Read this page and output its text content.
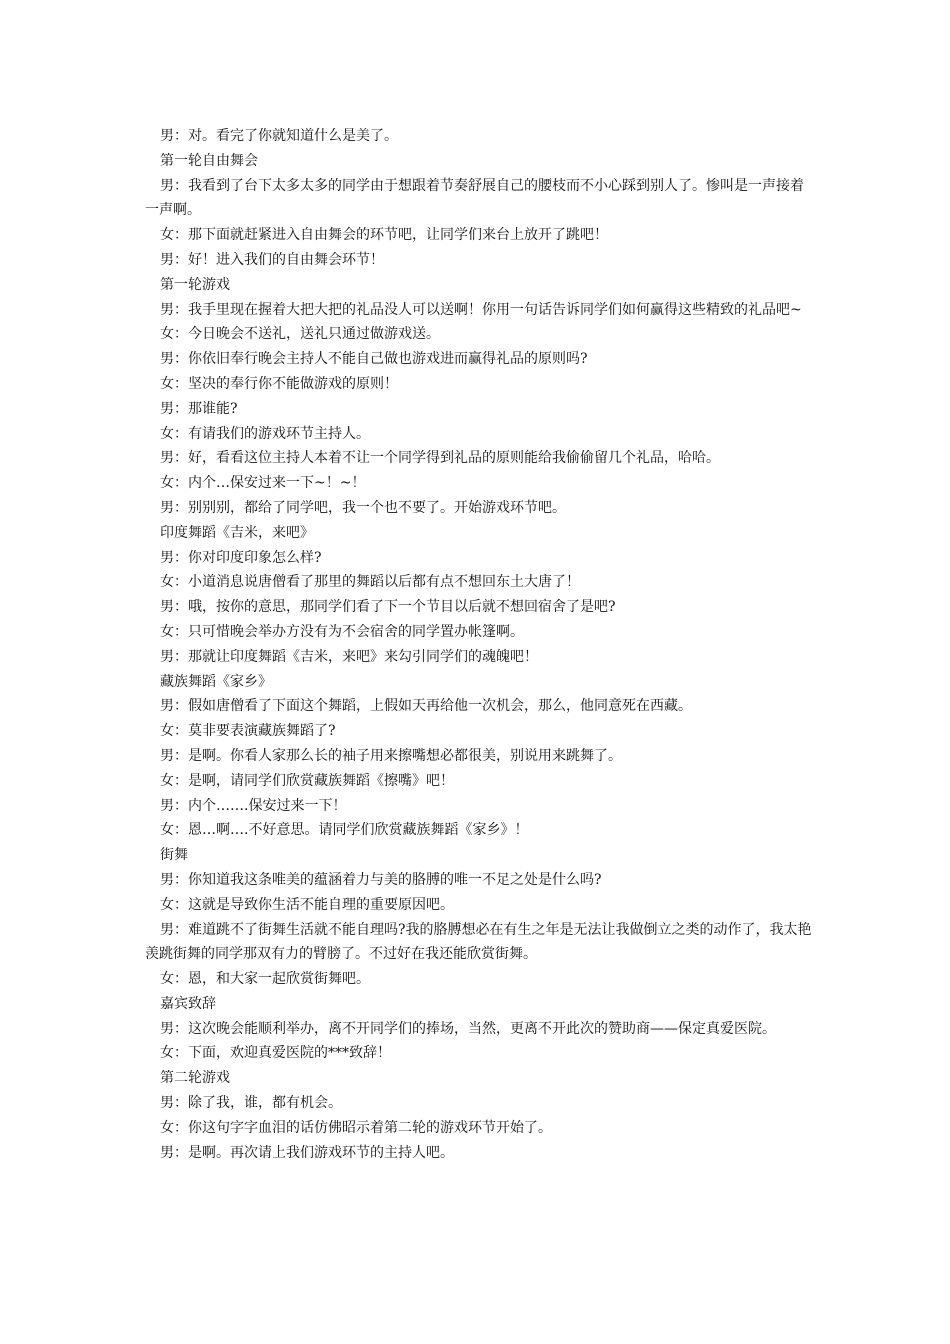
男：对。看完了你就知道什么是美了。

第一轮自由舞会

男：我看到了台下太多太多的同学由于想跟着节奏舒展自己的腰枝而不小心踩到别人了。惨叫是一声接着一声啊。

女：那下面就赶紧进入自由舞会的环节吧，让同学们来台上放开了跳吧！

男：好！进入我们的自由舞会环节！

第一轮游戏

男：我手里现在握着大把大把的礼品没人可以送啊！你用一句话告诉同学们如何赢得这些精致的礼品吧~

女：今日晚会不送礼，送礼只通过做游戏送。

男：你依旧奉行晚会主持人不能自己做也游戏进而赢得礼品的原则吗?

女：坚决的奉行你不能做游戏的原则！

男：那谁能?

女：有请我们的游戏环节主持人。

男：好，看看这位主持人本着不让一个同学得到礼品的原则能给我偷偷留几个礼品，哈哈。

女：内个…保安过来一下~！~！

男：别别别，都给了同学吧，我一个也不要了。开始游戏环节吧。

印度舞蹈《吉米，来吧》

男：你对印度印象怎么样?

女：小道消息说唐僧看了那里的舞蹈以后都有点不想回东土大唐了！

男：哦，按你的意思，那同学们看了下一个节目以后就不想回宿舍了是吧?

女：只可惜晚会举办方没有为不会宿舍的同学置办帐篷啊。

男：那就让印度舞蹈《吉米，来吧》来勾引同学们的魂魄吧！

藏族舞蹈《家乡》

男：假如唐僧看了下面这个舞蹈，上假如天再给他一次机会，那么，他同意死在西藏。

女：莫非要表演藏族舞蹈了?

男：是啊。你看人家那么长的袖子用来擦嘴想必都很美，别说用来跳舞了。

女：是啊，请同学们欣赏藏族舞蹈《擦嘴》吧！

男：内个…….保安过来一下！

女：恩…啊….不好意思。请同学们欣赏藏族舞蹈《家乡》！

街舞

男：你知道我这条唯美的蕴涵着力与美的胳膊的唯一不足之处是什么吗?

女：这就是导致你生活不能自理的重要原因吧。

男：难道跳不了街舞生活就不能自理吗?我的胳膊想必在有生之年是无法让我做倒立之类的动作了，我太艳羡跳街舞的同学那双有力的臂膀了。不过好在我还能欣赏街舞。

女：恩，和大家一起欣赏街舞吧。

嘉宾致辞

男：这次晚会能顺利举办，离不开同学们的捧场，当然，更离不开此次的赞助商——保定真爱医院。

女：下面，欢迎真爱医院的***致辞！

第二轮游戏

男：除了我，谁，都有机会。

女：你这句字字血泪的话仿佛昭示着第二轮的游戏环节开始了。

男：是啊。再次请上我们游戏环节的主持人吧。
